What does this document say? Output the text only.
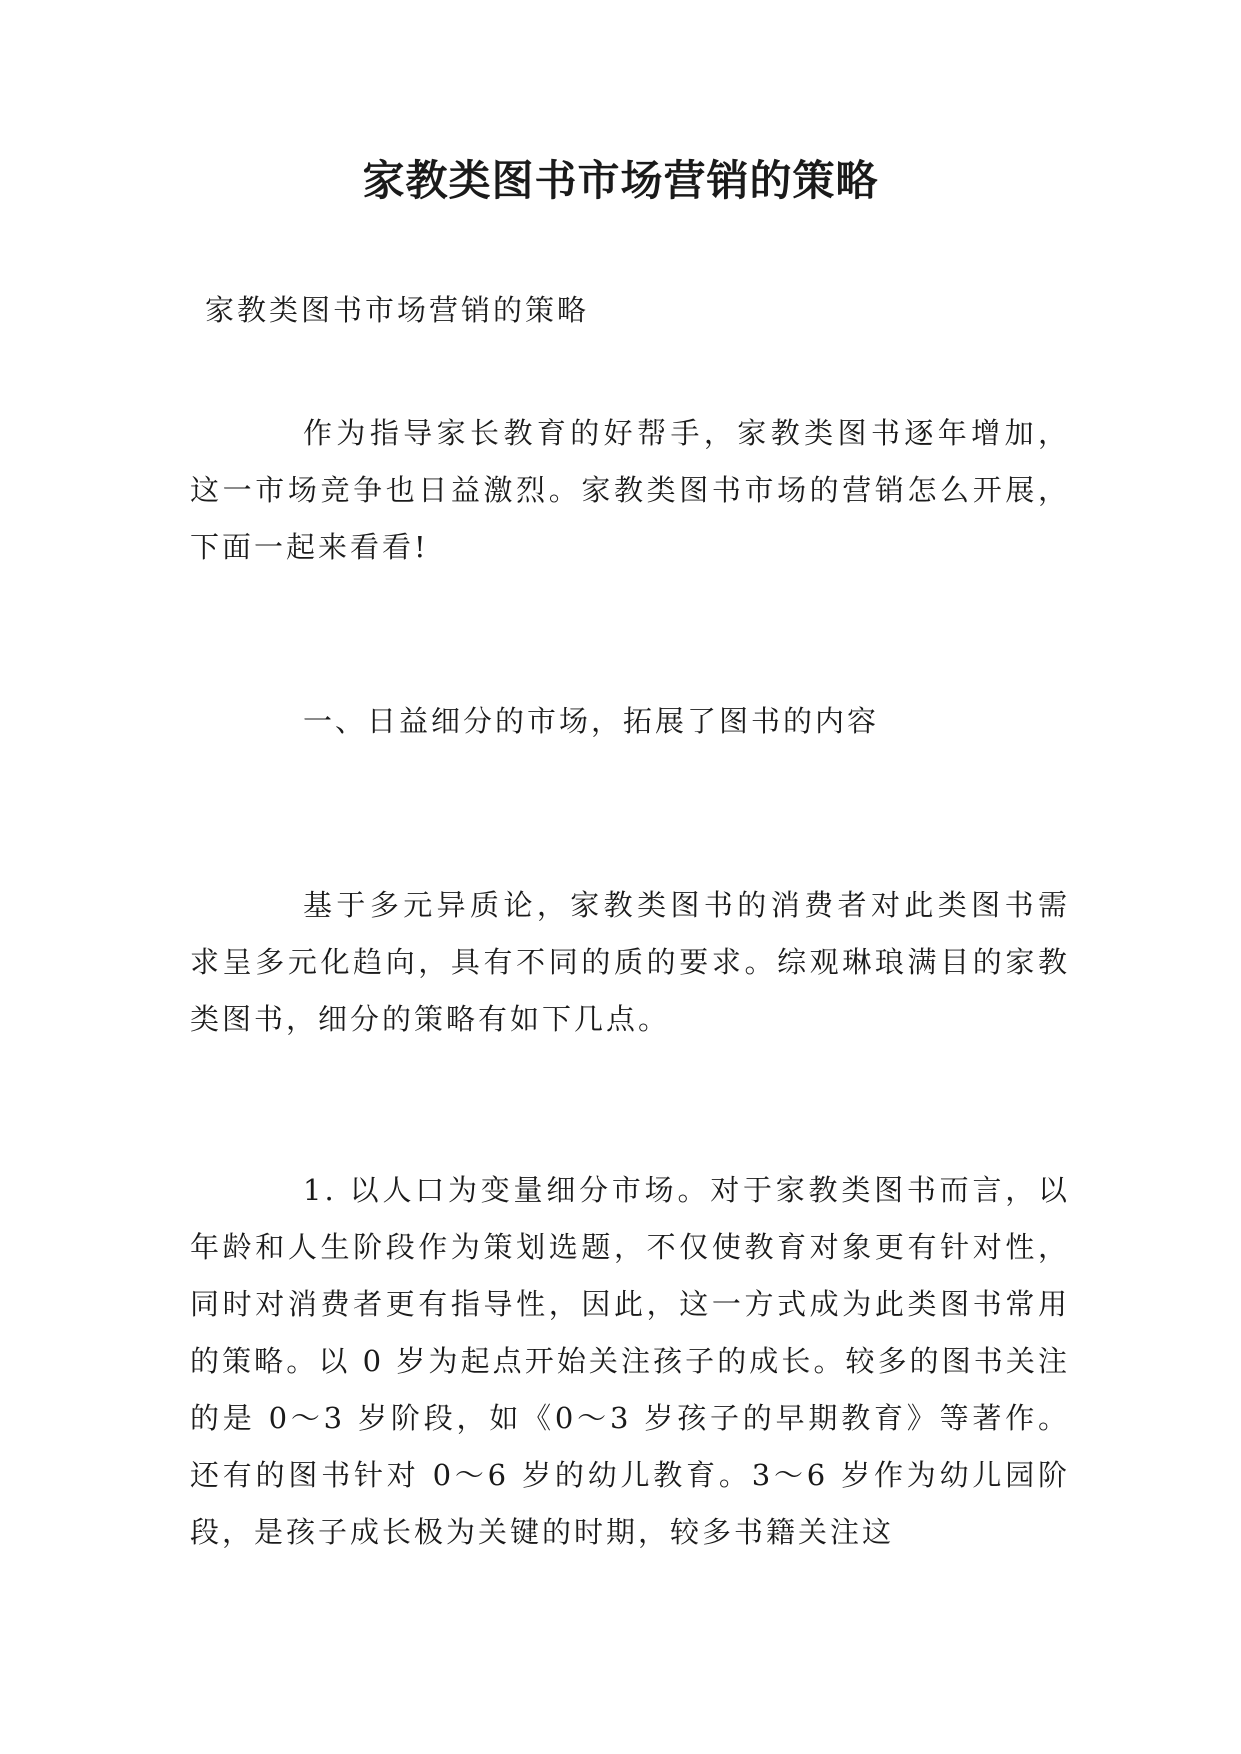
家教类图书市场营销的策略

家教类图书市场营销的策略

作为指导家长教育的好帮手，家教类图书逐年增加，这一市场竞争也日益激烈。家教类图书市场的营销怎么开展，下面一起来看看!

一、日益细分的市场，拓展了图书的内容

基于多元异质论，家教类图书的消费者对此类图书需求呈多元化趋向，具有不同的质的要求。综观琳琅满目的家教类图书，细分的策略有如下几点。

1. 以人口为变量细分市场。对于家教类图书而言，以年龄和人生阶段作为策划选题，不仅使教育对象更有针对性，同时对消费者更有指导性，因此，这一方式成为此类图书常用的策略。以 0 岁为起点开始关注孩子的成长。较多的图书关注的是 0～3 岁阶段，如《0～3 岁孩子的早期教育》等著作。还有的图书针对 0～6 岁的幼儿教育。3～6 岁作为幼儿园阶段，是孩子成长极为关键的时期，较多书籍关注这
